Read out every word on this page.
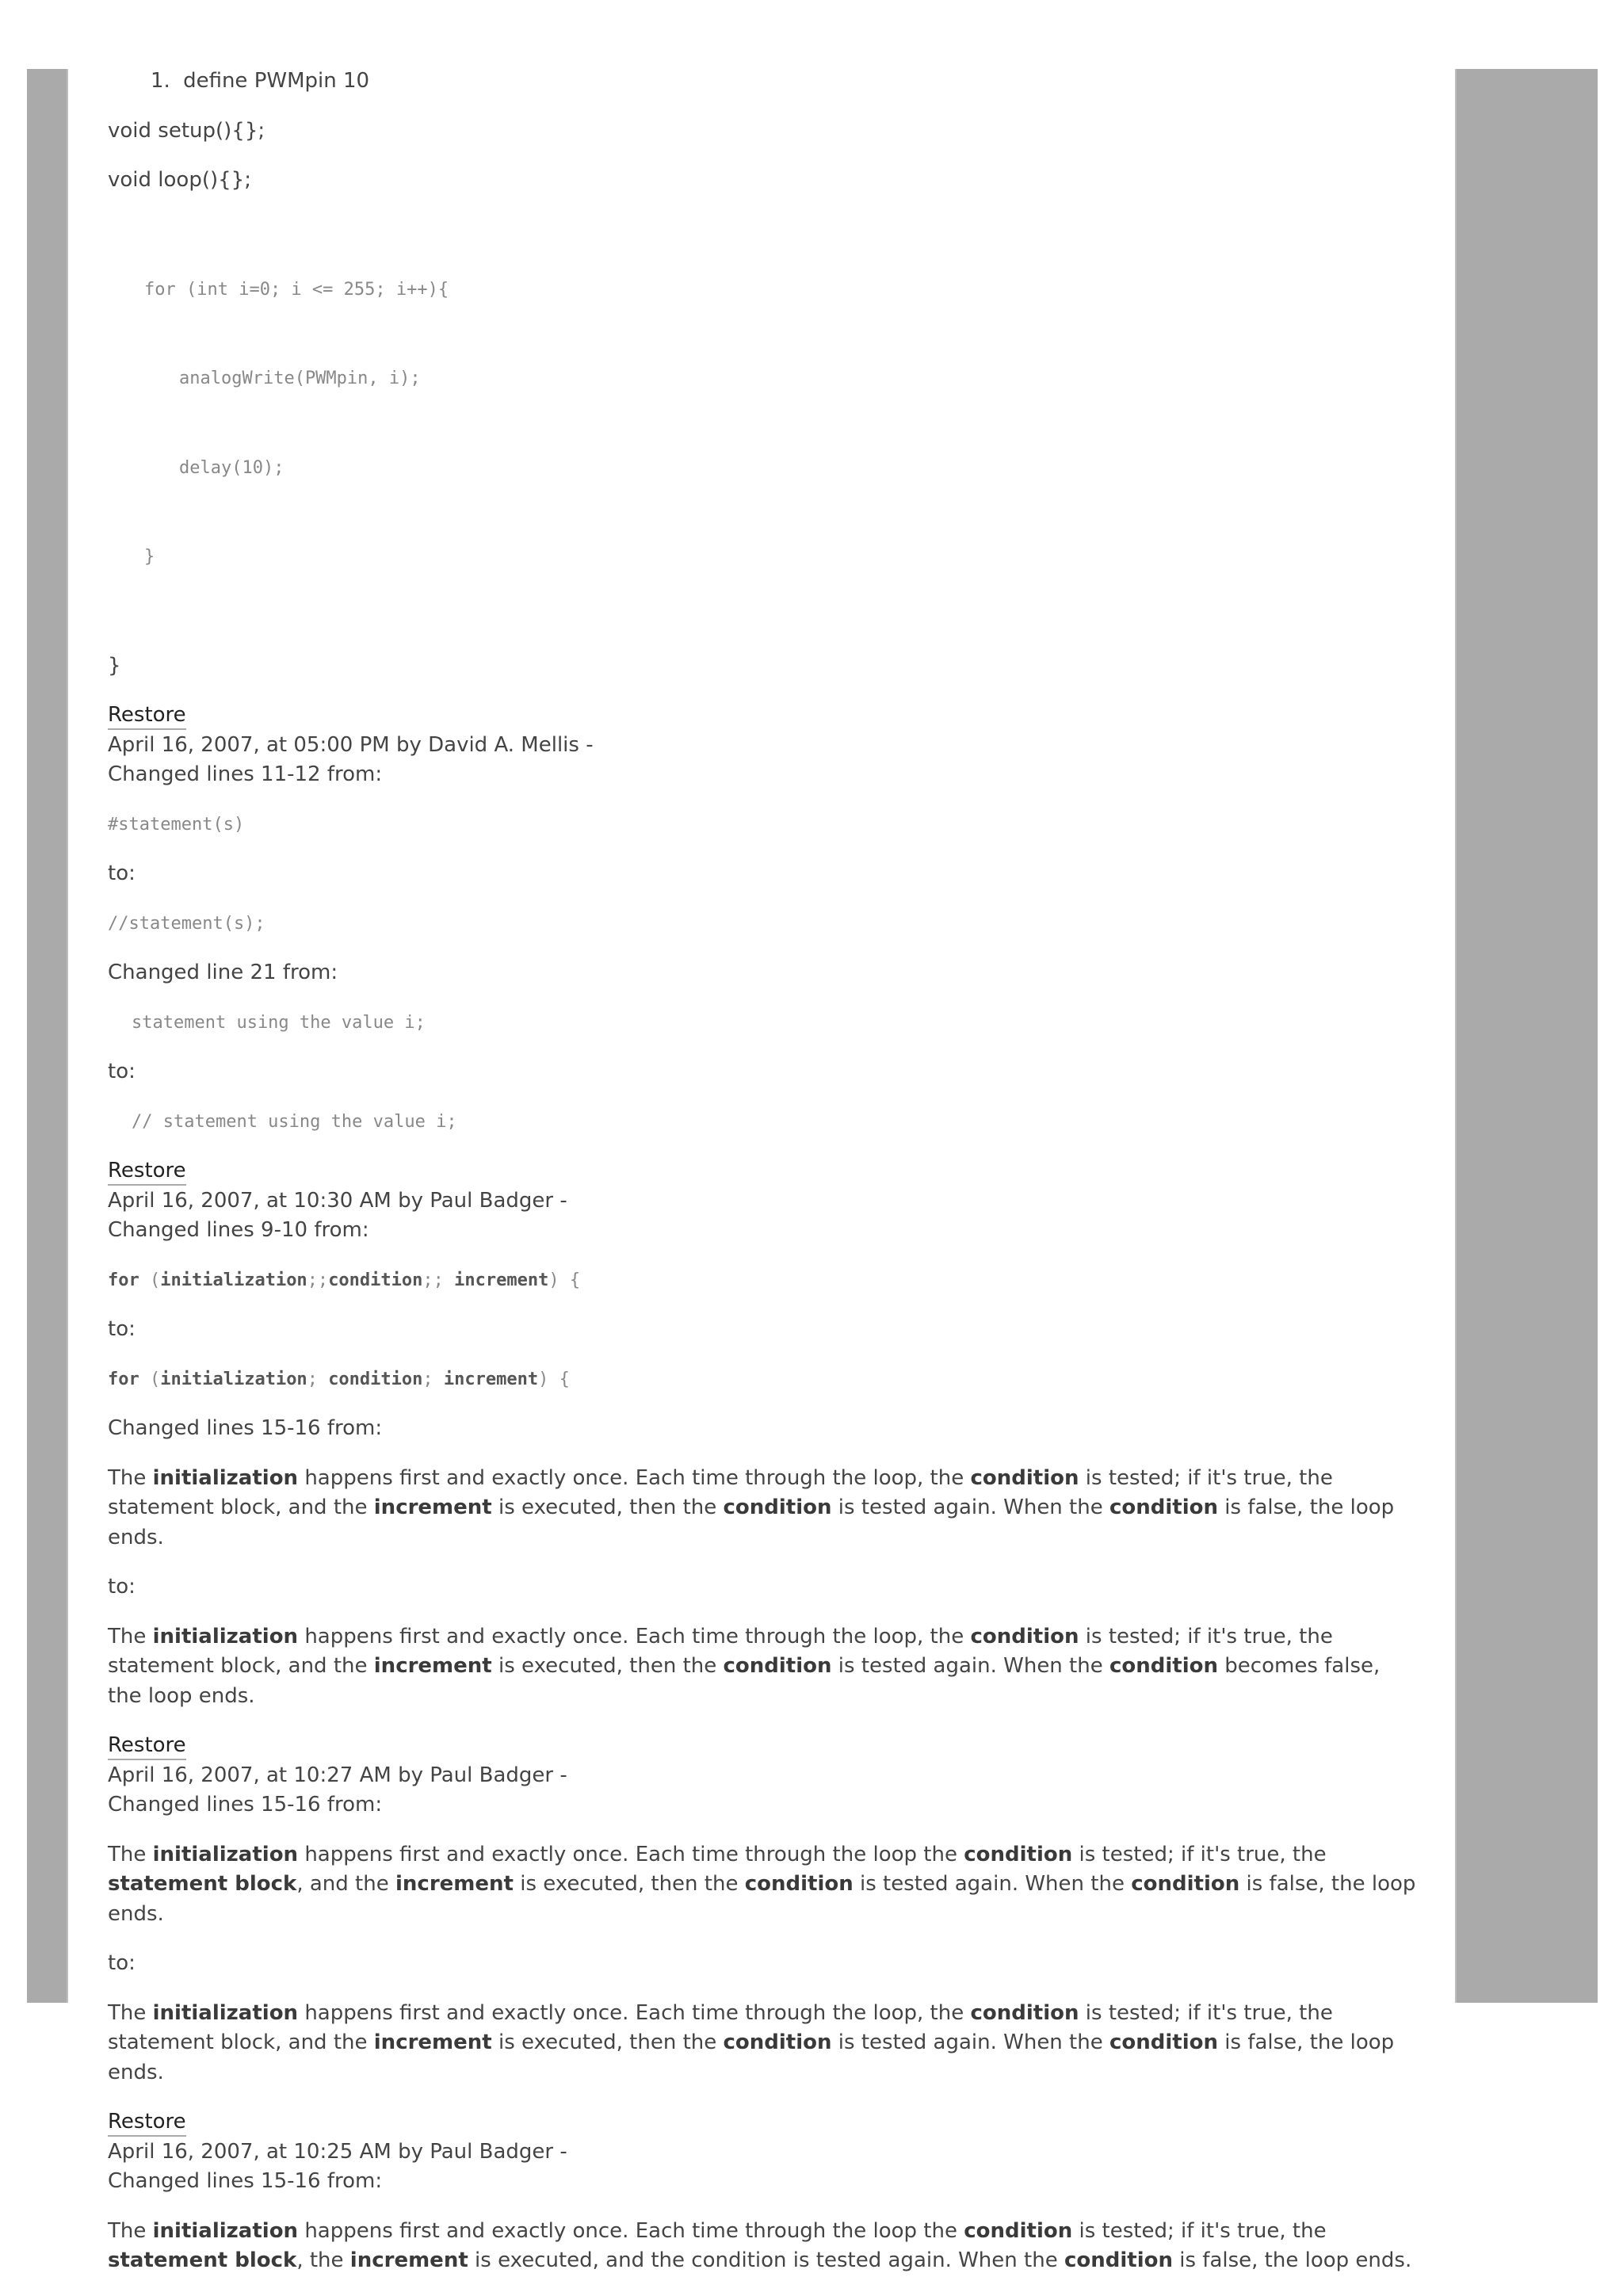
1. define PWMpin 10
void setup(){};
void loop(){};

for (int i=0; i <= 255; i++){

analogWrite(PWMpin, i);

delay(10);

}

}
Restore
April 16, 2007, at 05:00 PM by David A. Mellis -
Changed lines 11-12 from:
#statement(s)
to:
//statement(s);
Changed line 21 from:
statement using the value i;
to:
// statement using the value i;
Restore
April 16, 2007, at 10:30 AM by Paul Badger -
Changed lines 9-10 from:
for (initialization;;condition;; increment) {
to:
for (initialization; condition; increment) {
Changed lines 15-16 from:

The initialization happens first and exactly once. Each time through the loop, the condition is tested; if it's true, the statement block, and the increment is executed, then the condition is tested again. When the condition is false, the loop ends.

to:

The initialization happens first and exactly once. Each time through the loop, the condition is tested; if it's true, the statement block, and the increment is executed, then the condition is tested again. When the condition becomes false, the loop ends.

Restore
April 16, 2007, at 10:27 AM by Paul Badger -
Changed lines 15-16 from:

The initialization happens first and exactly once. Each time through the loop the condition is tested; if it's true, the statement block, and the increment is executed, then the condition is tested again. When the condition is false, the loop ends.

to:

The initialization happens first and exactly once. Each time through the loop, the condition is tested; if it's true, the statement block, and the increment is executed, then the condition is tested again. When the condition is false, the loop ends.

Restore
April 16, 2007, at 10:25 AM by Paul Badger -
Changed lines 15-16 from:

The initialization happens first and exactly once. Each time through the loop the condition is tested; if it's true, the statement block, the increment is executed, and the condition is tested again. When the condition is false, the loop ends.
